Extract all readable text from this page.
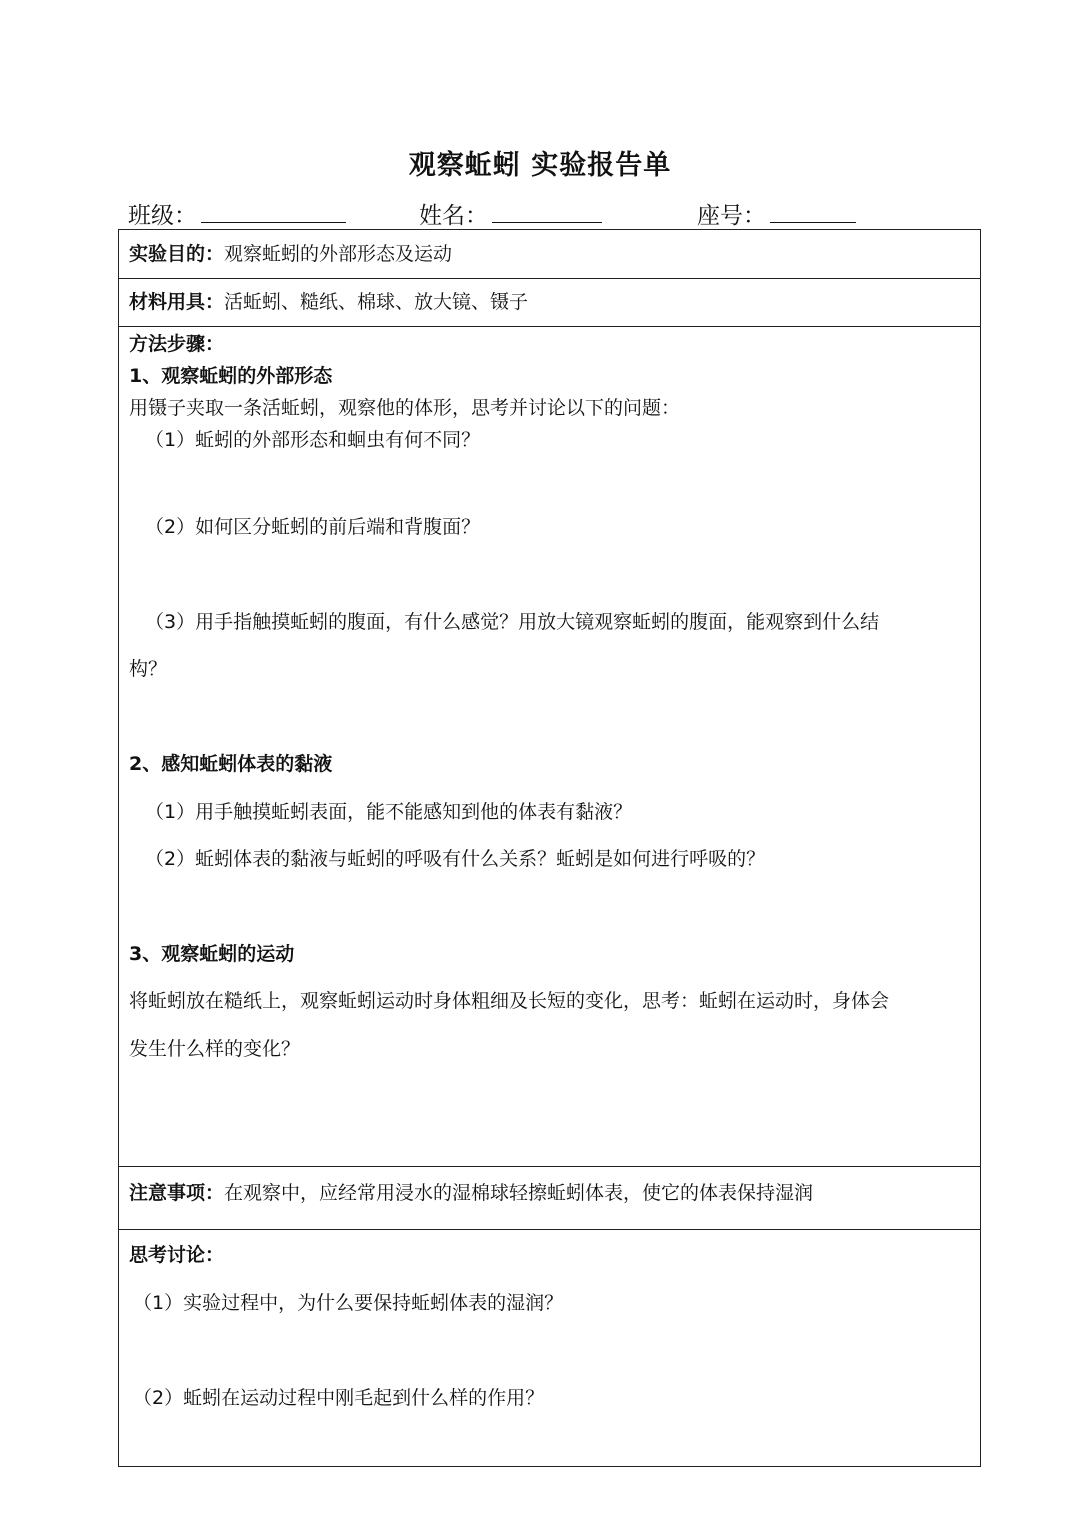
观察蚯蚓 实验报告单
班级：	姓名：	座号：
实验目的：观察蚯蚓的外部形态及运动
材料用具：活蚯蚓、糙纸、棉球、放大镜、镊子
方法步骤：
1、观察蚯蚓的外部形态
用镊子夹取一条活蚯蚓，观察他的体形，思考并讨论以下的问题：
（1）蚯蚓的外部形态和蛔虫有何不同？
（2）如何区分蚯蚓的前后端和背腹面？
（3）用手指触摸蚯蚓的腹面，有什么感觉？用放大镜观察蚯蚓的腹面，能观察到什么结
构？
2、感知蚯蚓体表的黏液
（1）用手触摸蚯蚓表面，能不能感知到他的体表有黏液？
（2）蚯蚓体表的黏液与蚯蚓的呼吸有什么关系？蚯蚓是如何进行呼吸的？
3、观察蚯蚓的运动
将蚯蚓放在糙纸上，观察蚯蚓运动时身体粗细及长短的变化，思考：蚯蚓在运动时，身体会
发生什么样的变化？
注意事项：在观察中，应经常用浸水的湿棉球轻擦蚯蚓体表，使它的体表保持湿润
思考讨论：
（1）实验过程中，为什么要保持蚯蚓体表的湿润？
（2）蚯蚓在运动过程中刚毛起到什么样的作用？
